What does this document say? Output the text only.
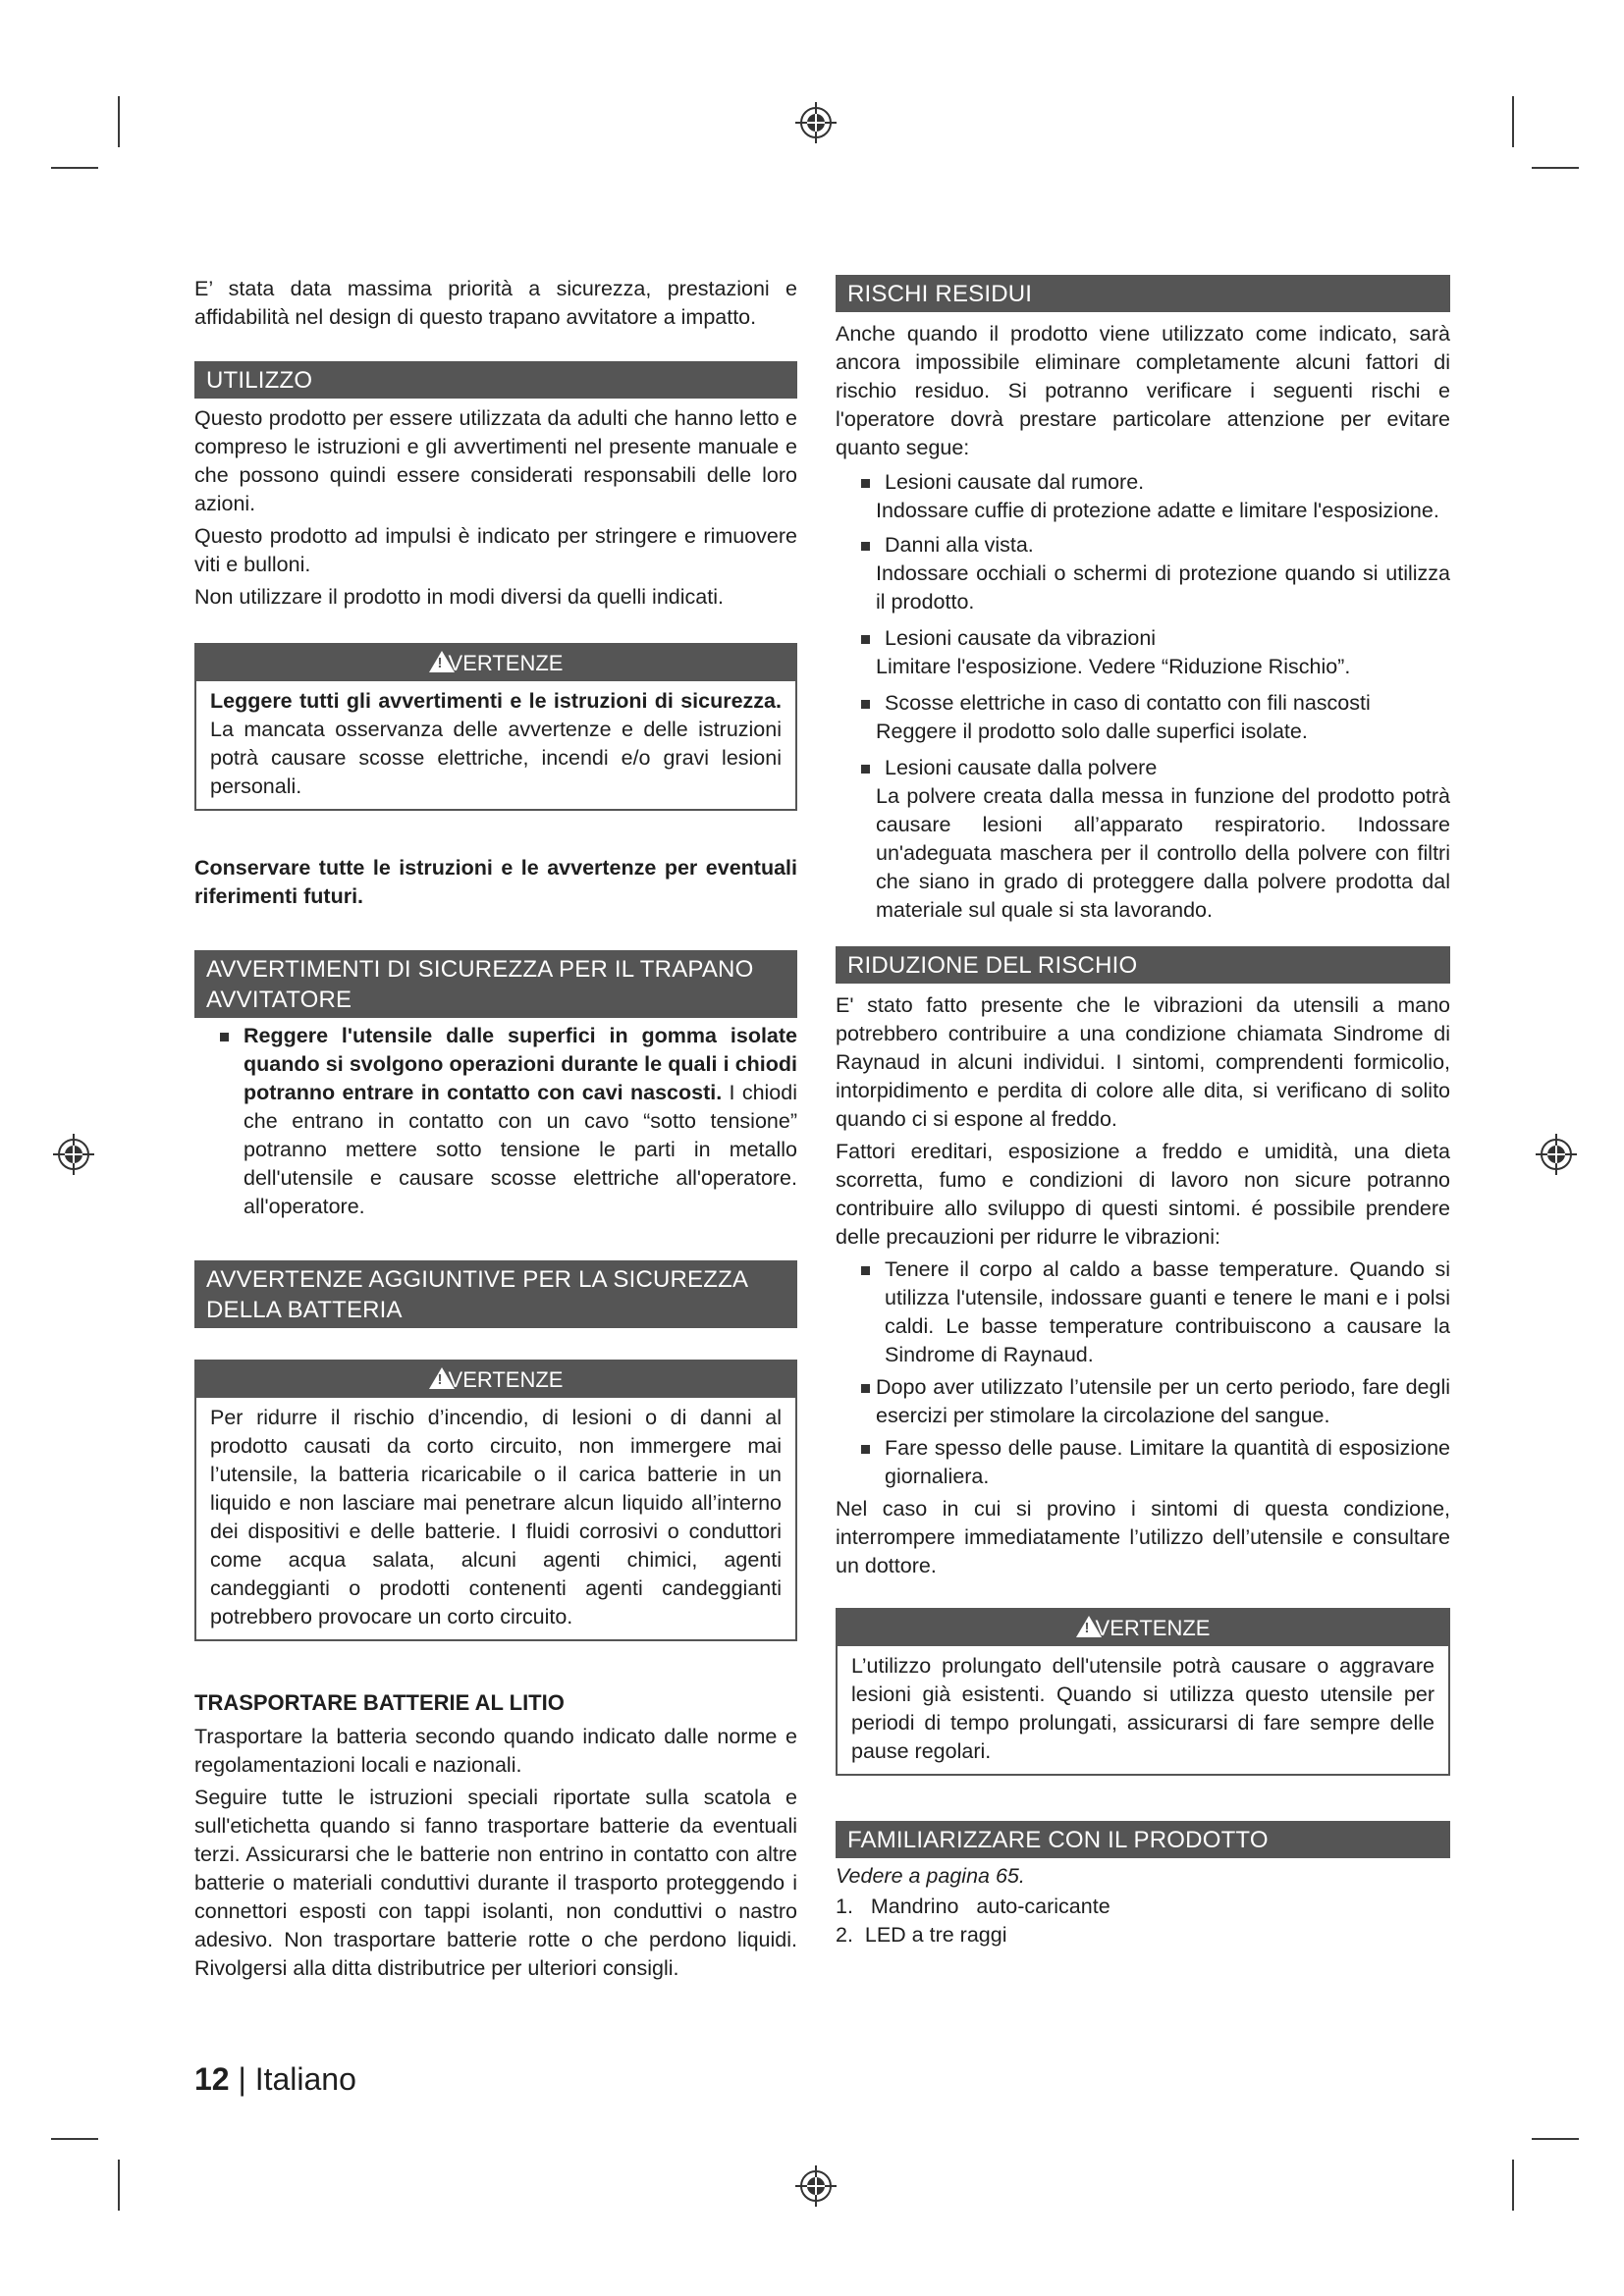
E’ stata data massima priorità a sicurezza, prestazioni e affidabilità nel design di questo trapano avvitatore a impatto.

UTILIZZO

Questo prodotto per essere utilizzata da adulti che hanno letto e compreso le istruzioni e gli avvertimenti nel presente manuale e che possono quindi essere considerati responsabili delle loro azioni.

Questo prodotto ad impulsi è indicato per stringere e rimuovere viti e bulloni.

Non utilizzare il prodotto in modi diversi da quelli indicati.

!VERTENZE

Leggere tutti gli avvertimenti e le istruzioni di sicurezza. La mancata osservanza delle avvertenze e delle istruzioni potrà causare scosse elettriche, incendi e/o gravi lesioni personali.

Conservare tutte le istruzioni e le avvertenze per eventuali riferimenti futuri.

AVVERTIMENTI DI SICUREZZA PER IL TRAPANO AVVITATORE

Reggere l'utensile dalle superfici in gomma isolate quando si svolgono operazioni durante le quali i chiodi potranno entrare in contatto con cavi nascosti. I chiodi che entrano in contatto con un cavo “sotto tensione” potranno mettere sotto tensione le parti in metallo dell'utensile e causare scosse elettriche all'operatore. all'operatore.

AVVERTENZE AGGIUNTIVE PER LA SICUREZZA DELLA BATTERIA
!VERTENZE

Per ridurre il rischio d’incendio, di lesioni o di danni al prodotto causati da corto circuito, non immergere mai l’utensile, la batteria ricaricabile o il carica batterie in un liquido e non lasciare mai penetrare alcun liquido all’interno dei dispositivi e delle batterie. I fluidi corrosivi o conduttori come acqua salata, alcuni agenti chimici, agenti candeggianti o prodotti contenenti agenti candeggianti potrebbero provocare un corto circuito.

TRASPORTARE BATTERIE AL LITIO

Trasportare la batteria secondo quando indicato dalle norme e regolamentazioni locali e nazionali.

Seguire tutte le istruzioni speciali riportate sulla scatola e sull'etichetta quando si fanno trasportare batterie da eventuali terzi. Assicurarsi che le batterie non entrino in contatto con altre batterie o materiali conduttivi durante il trasporto proteggendo i connettori esposti con tappi isolanti, non conduttivi o nastro adesivo. Non trasportare batterie rotte o che perdono liquidi. Rivolgersi alla ditta distributrice per ulteriori consigli.

RISCHI RESIDUI

Anche quando il prodotto viene utilizzato come indicato, sarà ancora impossibile eliminare completamente alcuni fattori di rischio residuo. Si potranno verificare i seguenti rischi e l'operatore dovrà prestare particolare attenzione per evitare quanto segue:

Lesioni causate dal rumore.

Indossare cuffie di protezione adatte e limitare l'esposizione.

Danni alla vista.

Indossare occhiali o schermi di protezione quando si utilizza il prodotto.

Lesioni causate da vibrazioni

Limitare l'esposizione. Vedere “Riduzione Rischio”.

Scosse elettriche in caso di contatto con fili nascosti

Reggere il prodotto solo dalle superfici isolate.

Lesioni causate dalla polvere

La polvere creata dalla messa in funzione del prodotto potrà causare lesioni all’apparato respiratorio. Indossare un'adeguata maschera per il controllo della polvere con filtri che siano in grado di proteggere dalla polvere prodotta dal materiale sul quale si sta lavorando.

RIDUZIONE DEL RISCHIO

E' stato fatto presente che le vibrazioni da utensili a mano potrebbero contribuire a una condizione chiamata Sindrome di Raynaud in alcuni individui. I sintomi, comprendenti formicolio, intorpidimento e perdita di colore alle dita, si verificano di solito quando ci si espone al freddo.

Fattori ereditari, esposizione a freddo e umidità, una dieta scorretta, fumo e condizioni di lavoro non sicure potranno contribuire allo sviluppo di questi sintomi. é possibile prendere delle precauzioni per ridurre le vibrazioni:

Tenere il corpo al caldo a basse temperature. Quando si utilizza l'utensile, indossare guanti e tenere le mani e i polsi caldi. Le basse temperature contribuiscono a causare la Sindrome di Raynaud.

Dopo aver utilizzato l’utensile per un certo periodo, fare degli esercizi per stimolare la circolazione del sangue.

Fare spesso delle pause. Limitare la quantità di esposizione giornaliera.

Nel caso in cui si provino i sintomi di questa condizione, interrompere immediatamente l’utilizzo dell’utensile e consultare un dottore.

!VERTENZE

L’utilizzo prolungato dell'utensile potrà causare o aggravare lesioni già esistenti. Quando si utilizza questo utensile per periodi di tempo prolungati, assicurarsi di fare sempre delle pause regolari.

FAMILIARIZZARE CON IL PRODOTTO

Vedere a pagina 65.

1.   Mandrino   auto-caricante

2.  LED a tre raggi

12 | Italiano
